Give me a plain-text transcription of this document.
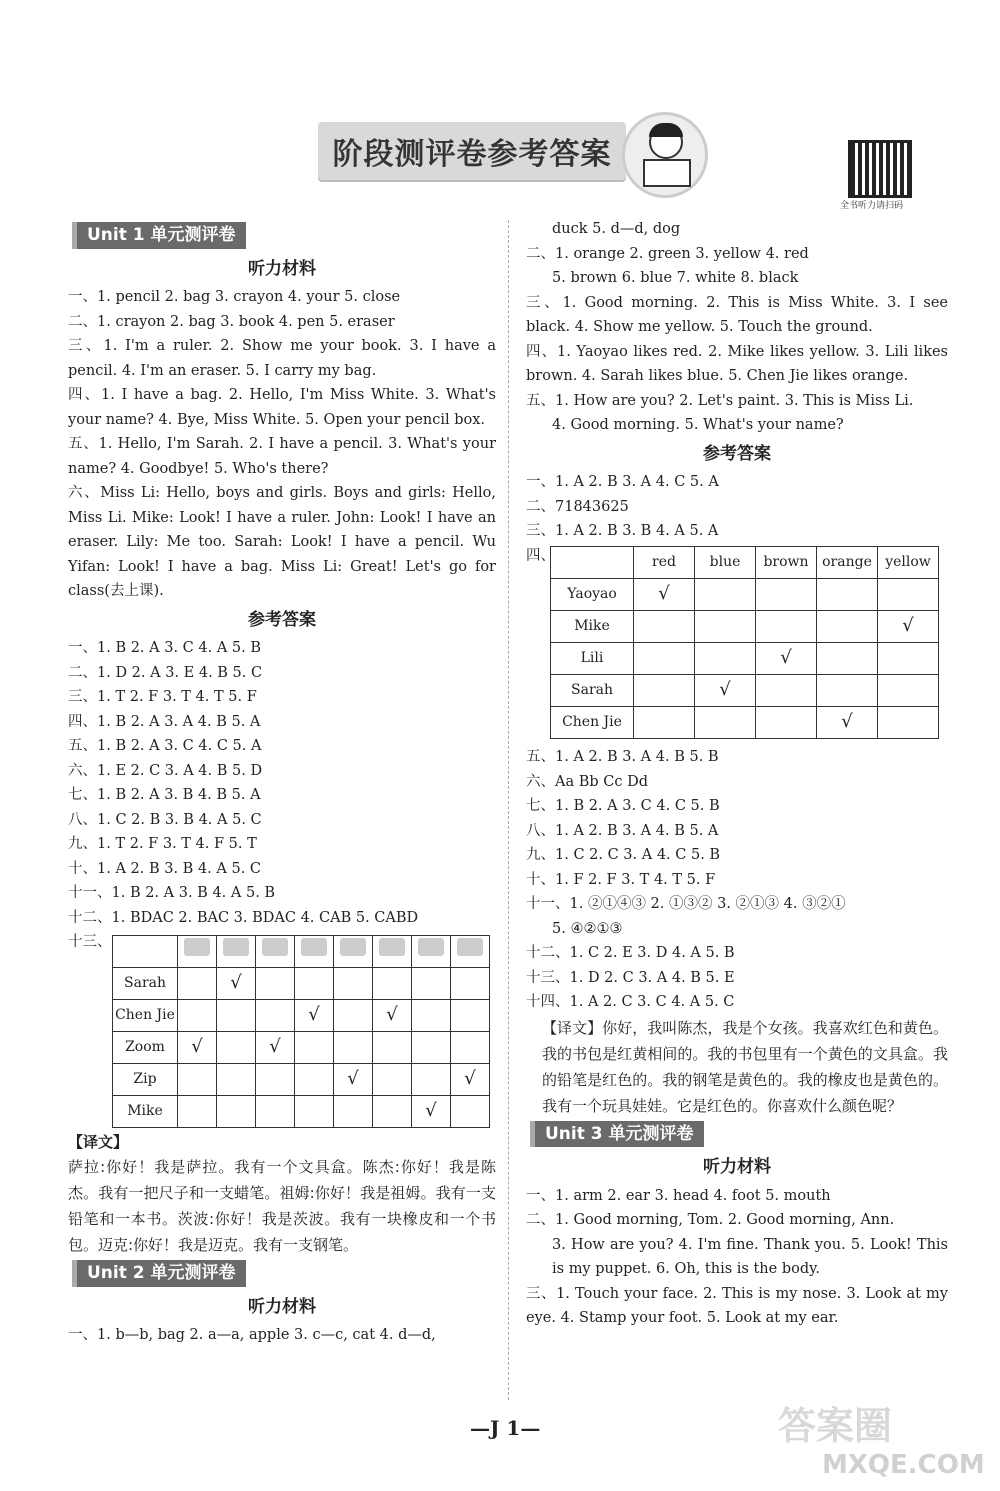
阶段测评卷参考答案
全书听力请扫码
Unit 1 单元测评卷
听力材料
一、1. pencil 2. bag 3. crayon 4. your 5. close
二、1. crayon 2. bag 3. book 4. pen 5. eraser
三、1. I'm a ruler. 2. Show me your book. 3. I have a pencil. 4. I'm an eraser. 5. I carry my bag.
四、1. I have a bag. 2. Hello, I'm Miss White. 3. What's your name? 4. Bye, Miss White. 5. Open your pencil box.
五、1. Hello, I'm Sarah. 2. I have a pencil. 3. What's your name? 4. Goodbye! 5. Who's there?
六、Miss Li: Hello, boys and girls. Boys and girls: Hello, Miss Li. Mike: Look! I have a ruler. John: Look! I have an eraser. Lily: Me too. Sarah: Look! I have a pencil. Wu Yifan: Look! I have a bag. Miss Li: Great! Let's go for class(去上课).
参考答案
一、1. B 2. A 3. C 4. A 5. B
二、1. D 2. A 3. E 4. B 5. C
三、1. T 2. F 3. T 4. T 5. F
四、1. B 2. A 3. A 4. B 5. A
五、1. B 2. A 3. C 4. C 5. A
六、1. E 2. C 3. A 4. B 5. D
七、1. B 2. A 3. B 4. B 5. A
八、1. C 2. B 3. B 4. A 5. C
九、1. T 2. F 3. T 4. F 5. T
十、1. A 2. B 3. B 4. A 5. C
十一、1. B 2. A 3. B 4. A 5. B
十二、1. BDAC 2. BAC 3. BDAC 4. CAB 5. CABD
十三、

Sarah		√						
Chen Jie				√		√		
Zoom	√		√					
Zip					√			√
Mike							√	
【译文】
萨拉:你好！我是萨拉。我有一个文具盒。陈杰:你好！我是陈杰。我有一把尺子和一支蜡笔。祖姆:你好！我是祖姆。我有一支铅笔和一本书。茨波:你好！我是茨波。我有一块橡皮和一个书包。迈克:你好！我是迈克。我有一支钢笔。
Unit 2 单元测评卷
听力材料
一、1. b—b, bag 2. a—a, apple 3. c—c, cat 4. d—d,
duck 5. d—d, dog
二、1. orange 2. green 3. yellow 4. red
5. brown 6. blue 7. white 8. black
三、1. Good morning. 2. This is Miss White. 3. I see black. 4. Show me yellow. 5. Touch the ground.
四、1. Yaoyao likes red. 2. Mike likes yellow. 3. Lili likes brown. 4. Sarah likes blue. 5. Chen Jie likes orange.
五、1. How are you? 2. Let's paint. 3. This is Miss Li.
4. Good morning. 5. What's your name?
参考答案
一、1. A 2. B 3. A 4. C 5. A
二、71843625
三、1. A 2. B 3. B 4. A 5. A
四、
		red	blue	brown	orange	yellow
Yaoyao	√				
Mike					√
Lili			√		
Sarah		√			
Chen Jie				√	
五、1. A 2. B 3. A 4. B 5. B
六、Aa Bb Cc Dd
七、1. B 2. A 3. C 4. C 5. B
八、1. A 2. B 3. A 4. B 5. A
九、1. C 2. C 3. A 4. C 5. B
十、1. F 2. F 3. T 4. T 5. F
十一、1. ②①④③ 2. ①③② 3. ②①③ 4. ③②①
5. ④②①③
十二、1. C 2. E 3. D 4. A 5. B
十三、1. D 2. C 3. A 4. B 5. E
十四、1. A 2. C 3. C 4. A 5. C
【译文】你好，我叫陈杰，我是个女孩。我喜欢红色和黄色。我的书包是红黄相间的。我的书包里有一个黄色的文具盒。我的铅笔是红色的。我的钢笔是黄色的。我的橡皮也是黄色的。我有一个玩具娃娃。它是红色的。你喜欢什么颜色呢？
Unit 3 单元测评卷
听力材料
一、1. arm 2. ear 3. head 4. foot 5. mouth
二、1. Good morning, Tom. 2. Good morning, Ann.
3. How are you? 4. I'm fine. Thank you. 5. Look! This is my puppet. 6. Oh, this is the body.
三、1. Touch your face. 2. This is my nose. 3. Look at my eye. 4. Stamp your foot. 5. Look at my ear.
—J 1—	答案圈
MXQE.COM
